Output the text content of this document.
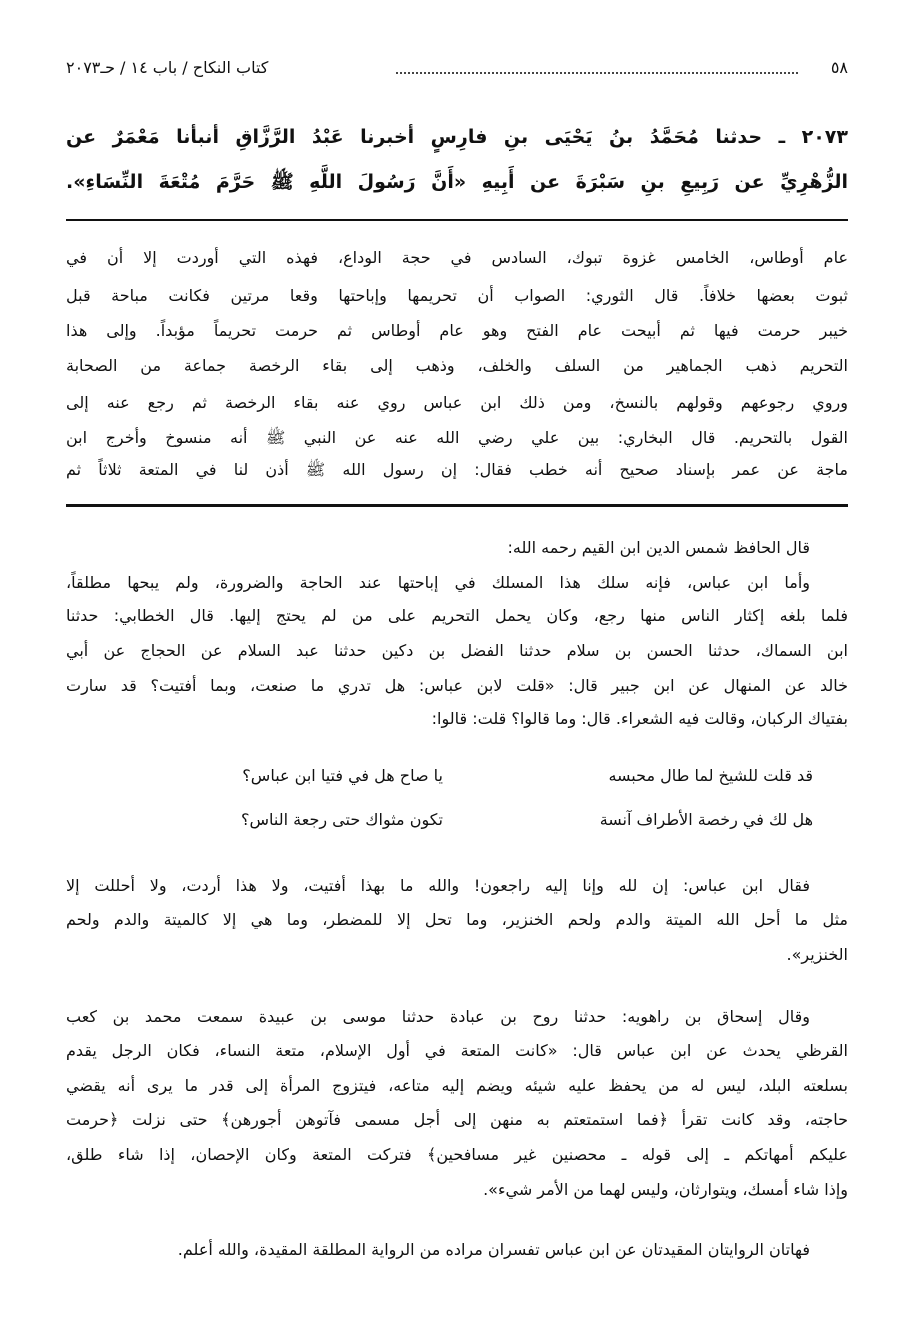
٥٨
كتاب النكاح / باب ١٤ / حـ٢٠٧٣
٢٠٧٣ ـ حدثنا مُحَمَّدُ بنُ يَحْيَى بنِ فارِسٍ أخبرنا عَبْدُ الرَّزَّاقِ أنبأنا مَعْمَرٌ عن
الزُّهْرِيِّ عن رَبِيعِ بنِ سَبْرَةَ عن أَبِيهِ «أَنَّ رَسُولَ اللَّهِ ﷺ حَرَّمَ مُتْعَةَ النِّسَاءِ».
عام أوطاس، الخامس غزوة تبوك، السادس في حجة الوداع، فهذه التي أوردت إلا أن في
ثبوت بعضها خلافاً. قال الثوري: الصواب أن تحريمها وإباحتها وقعا مرتين فكانت مباحة قبل
خيبر حرمت فيها ثم أبيحت عام الفتح وهو عام أوطاس ثم حرمت تحريماً مؤبداً. وإلى هذا
التحريم ذهب الجماهير من السلف والخلف، وذهب إلى بقاء الرخصة جماعة من الصحابة
وروي رجوعهم وقولهم بالنسخ، ومن ذلك ابن عباس روي عنه بقاء الرخصة ثم رجع عنه إلى
القول بالتحريم. قال البخاري: بين علي رضي الله عنه عن النبي ﷺ أنه منسوخ وأخرج ابن
ماجة عن عمر بإسناد صحيح أنه خطب فقال: إن رسول الله ﷺ أذن لنا في المتعة ثلاثاً ثم
قال الحافظ شمس الدين ابن القيم رحمه الله:
وأما ابن عباس، فإنه سلك هذا المسلك في إباحتها عند الحاجة والضرورة، ولم يبحها مطلقاً،
فلما بلغه إكثار الناس منها رجع، وكان يحمل التحريم على من لم يحتج إليها. قال الخطابي: حدثنا
ابن السماك، حدثنا الحسن بن سلام حدثنا الفضل بن دكين حدثنا عبد السلام عن الحجاج عن أبي
خالد عن المنهال عن ابن جبير قال: «قلت لابن عباس: هل تدري ما صنعت، وبما أفتيت؟ قد سارت
بفتياك الركبان، وقالت فيه الشعراء. قال: وما قالوا؟ قلت: قالوا:
قد قلت للشيخ لما طال محبسه
يا صاح هل في فتيا ابن عباس؟
هل لك في رخصة الأطراف آنسة
تكون مثواك حتى رجعة الناس؟
فقال ابن عباس: إن لله وإنا إليه راجعون! والله ما بهذا أفتيت، ولا هذا أردت، ولا أحللت إلا
مثل ما أحل الله الميتة والدم ولحم الخنزير، وما تحل إلا للمضطر، وما هي إلا كالميتة والدم ولحم
الخنزير».
وقال إسحاق بن راهويه: حدثنا روح بن عبادة حدثنا موسى بن عبيدة سمعت محمد بن كعب
القرظي يحدث عن ابن عباس قال: «كانت المتعة في أول الإسلام، متعة النساء، فكان الرجل يقدم
بسلعته البلد، ليس له من يحفظ عليه شيئه ويضم إليه متاعه، فيتزوج المرأة إلى قدر ما يرى أنه يقضي
حاجته، وقد كانت تقرأ ﴿فما استمتعتم به منهن إلى أجل مسمى فآتوهن أجورهن﴾ حتى نزلت ﴿حرمت
عليكم أمهاتكم ـ إلى قوله ـ محصنين غير مسافحين﴾ فتركت المتعة وكان الإحصان، إذا شاء طلق،
وإذا شاء أمسك، ويتوارثان، وليس لهما من الأمر شيء».
فهاتان الروايتان المقيدتان عن ابن عباس تفسران مراده من الرواية المطلقة المقيدة، والله أعلم.
